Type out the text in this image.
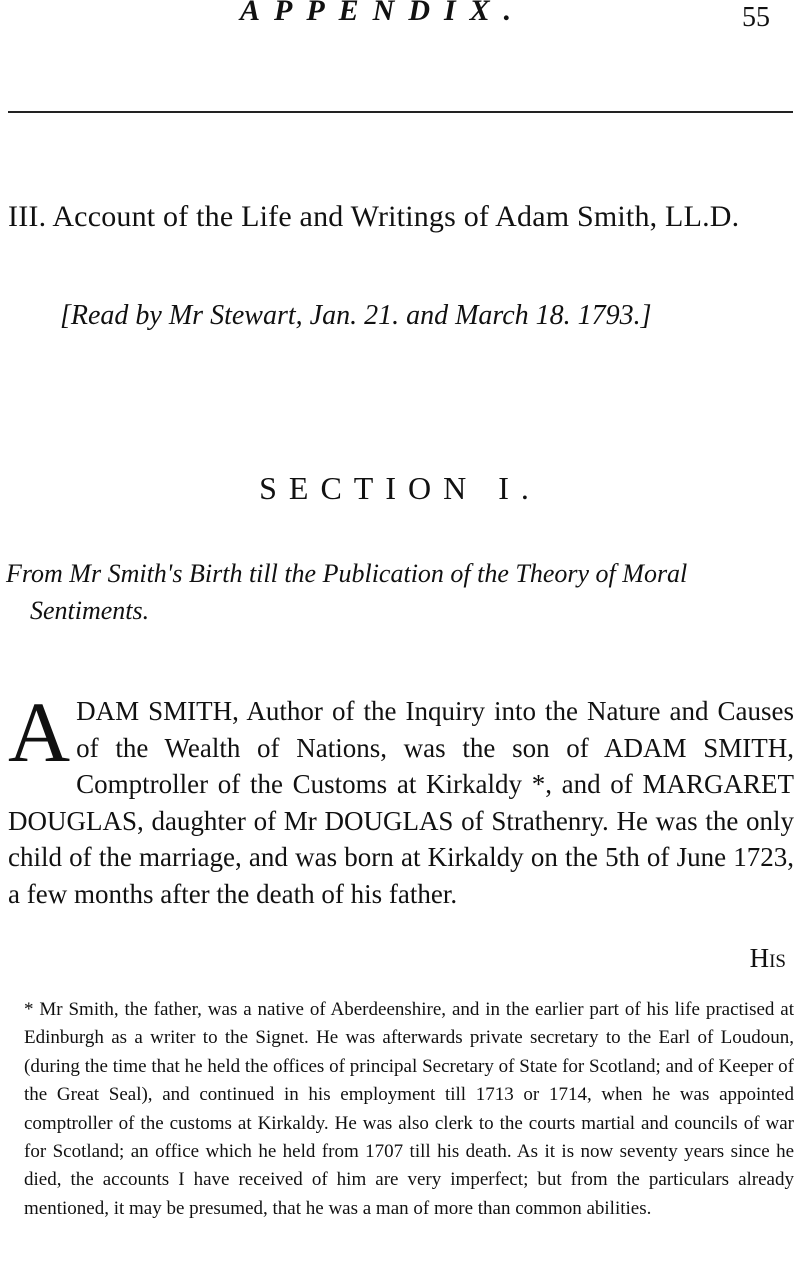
APPENDIX.	55
III. Account of the Life and Writings of Adam Smith, LL.D.
[Read by Mr Stewart, Jan. 21. and March 18. 1793.]
SECTION I.
From Mr Smith's Birth till the Publication of the Theory of Moral
Sentiments.
A DAM SMITH, Author of the Inquiry into the Nature and Causes of the Wealth of Nations, was the son of ADAM SMITH, Comptroller of the Customs at Kirkaldy *, and of MARGARET DOUGLAS, daughter of Mr DOUGLAS of Strathenry. He was the only child of the marriage, and was born at Kirkaldy on the 5th of June 1723, a few months after the death of his father.
His
* Mr Smith, the father, was a native of Aberdeenshire, and in the earlier part of his life practised at Edinburgh as a writer to the Signet. He was afterwards private secretary to the Earl of Loudoun, (during the time that he held the offices of principal Secretary of State for Scotland; and of Keeper of the Great Seal), and continued in his employment till 1713 or 1714, when he was appointed comptroller of the customs at Kirkaldy. He was also clerk to the courts martial and councils of war for Scotland; an office which he held from 1707 till his death. As it is now seventy years since he died, the accounts I have received of him are very imperfect; but from the particulars already mentioned, it may be presumed, that he was a man of more than common abilities.
